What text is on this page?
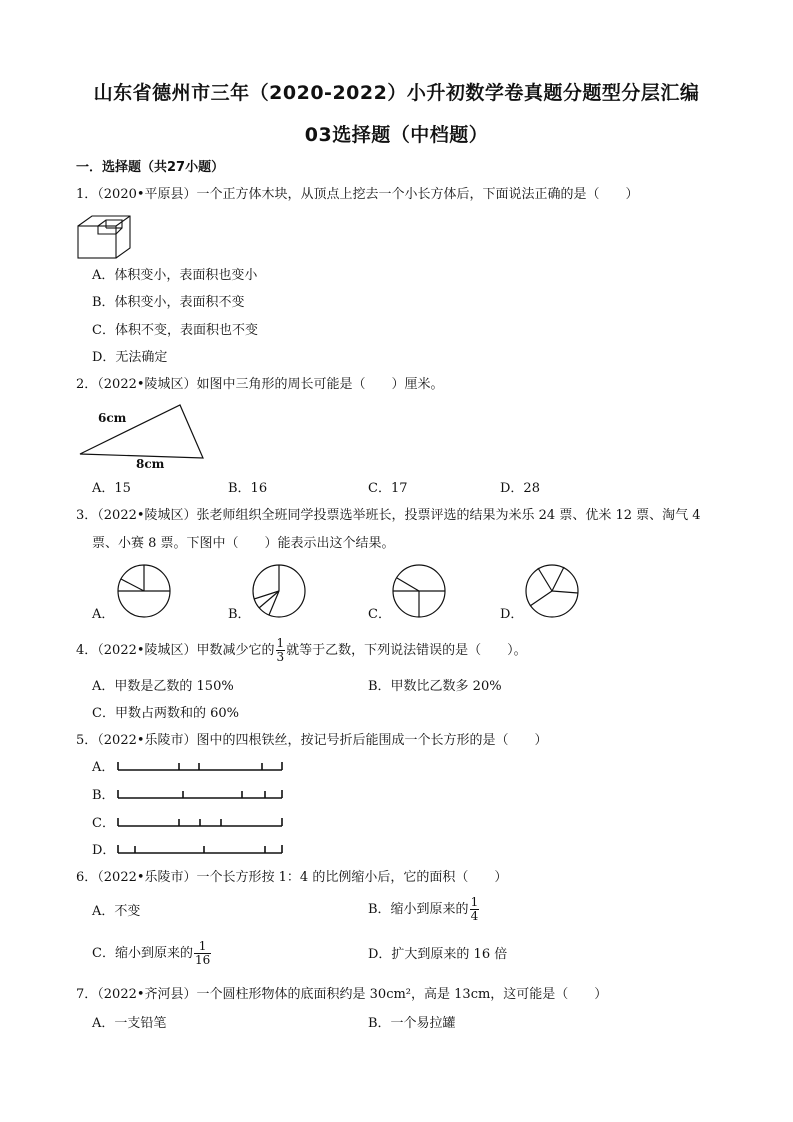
山东省德州市三年（2020-2022）小升初数学卷真题分题型分层汇编
03选择题（中档题）
一．选择题（共27小题）
1．（2020•平原县）一个正方体木块，从顶点上挖去一个小长方体后，下面说法正确的是（　　）
A．体积变小，表面积也变小
B．体积变小，表面积不变
C．体积不变，表面积也不变
D．无法确定
2．（2022•陵城区）如图中三角形的周长可能是（　　）厘米。
6cm
8cm
A．15	B．16	C．17	D．28
3．（2022•陵城区）张老师组织全班同学投票选举班长，投票评选的结果为米乐 24 票、优米 12 票、淘气 4
票、小赛 8 票。下图中（　　）能表示出这个结果。
A．	B．	C．	D．
4．（2022•陵城区）甲数减少它的 $\frac{1}{3}$ 就等于乙数，下列说法错误的是（　　）。
A．甲数是乙数的 150%	B．甲数比乙数多 20%
C．甲数占两数和的 60%
5．（2022•乐陵市）图中的四根铁丝，按记号折后能围成一个长方形的是（　　）
A．
B．
C．
D．
6．（2022•乐陵市）一个长方形按 1：4 的比例缩小后，它的面积（　　）
A．不变	B．缩小到原来的 $\frac{1}{4}$
C．缩小到原来的 $\frac{1}{16}$	D．扩大到原来的 16 倍
7．（2022•齐河县）一个圆柱形物体的底面积约是 30cm²，高是 13cm，这可能是（　　）
A．一支铅笔	B．一个易拉罐
